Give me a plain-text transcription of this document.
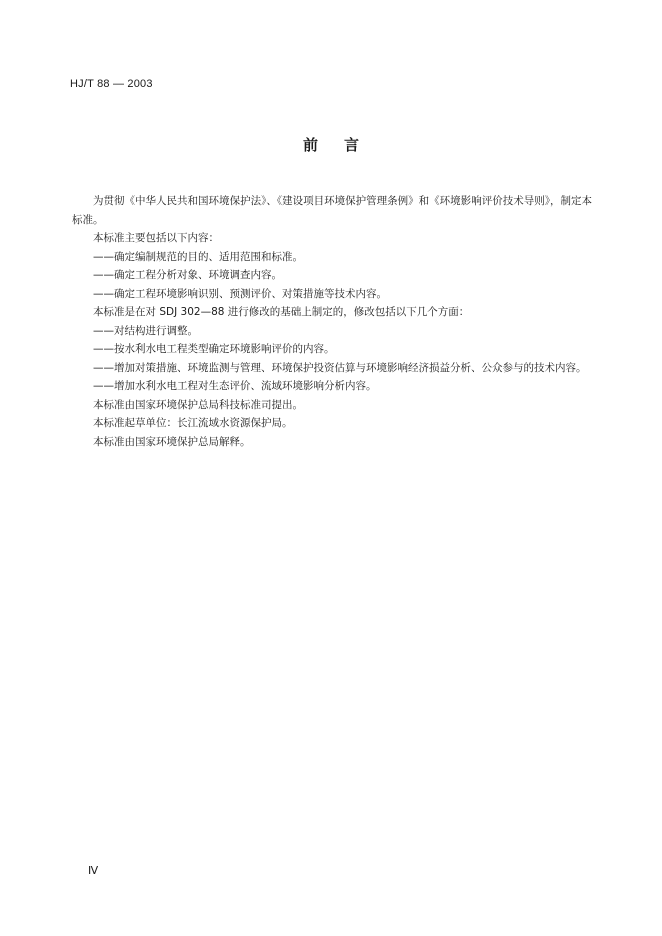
HJ/T 88 — 2003
前言

为贯彻《中华人民共和国环境保护法》、《建设项目环境保护管理条例》和《环境影响评价技术导则》，制定本标准。

本标准主要包括以下内容：

——确定编制规范的目的、适用范围和标准。

——确定工程分析对象、环境调查内容。

——确定工程环境影响识别、预测评价、对策措施等技术内容。

本标准是在对 SDJ 302—88 进行修改的基础上制定的，修改包括以下几个方面：

——对结构进行调整。

——按水利水电工程类型确定环境影响评价的内容。

——增加对策措施、环境监测与管理、环境保护投资估算与环境影响经济损益分析、公众参与的技术内容。

——增加水利水电工程对生态评价、流域环境影响分析内容。

本标准由国家环境保护总局科技标准司提出。

本标准起草单位：长江流域水资源保护局。

本标准由国家环境保护总局解释。

Ⅳ
